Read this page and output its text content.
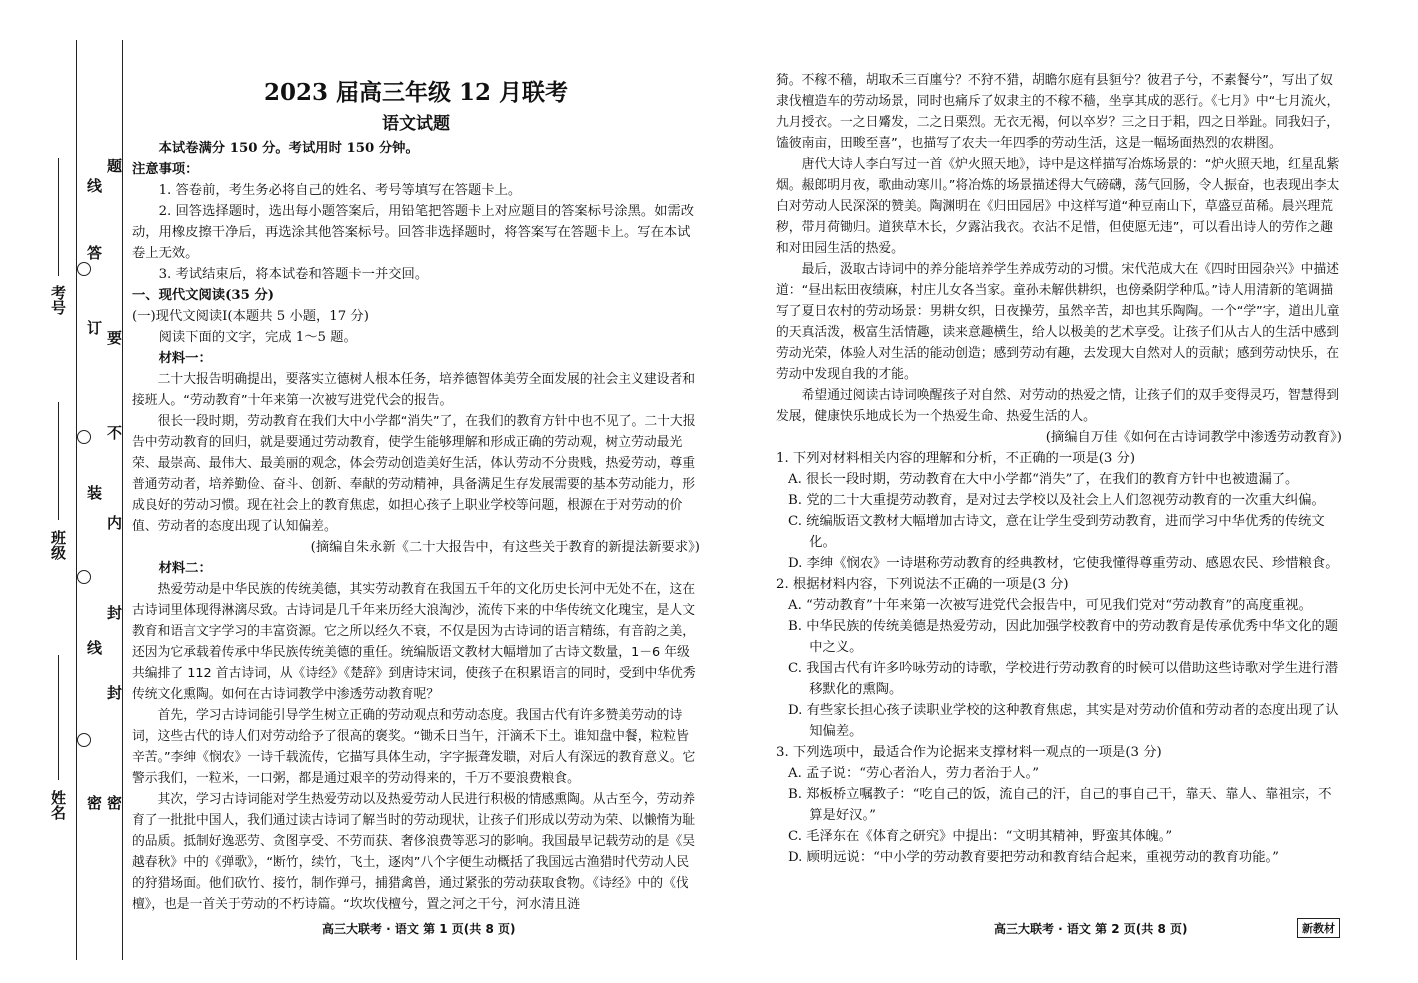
考号
班级
姓名
线
答
订
要
不
装
内
封
线
封
密 密
题

2023 届高三年级 12 月联考

语文试题

本试卷满分 150 分。考试用时 150 分钟。

注意事项：

1. 答卷前，考生务必将自己的姓名、考号等填写在答题卡上。

2. 回答选择题时，选出每小题答案后，用铅笔把答题卡上对应题目的答案标号涂黑。如需改动，用橡皮擦干净后，再选涂其他答案标号。回答非选择题时，将答案写在答题卡上。写在本试卷上无效。

3. 考试结束后，将本试卷和答题卡一并交回。

一、现代文阅读(35 分)

(一)现代文阅读Ⅰ(本题共 5 小题，17 分)

阅读下面的文字，完成 1～5 题。

材料一：

二十大报告明确提出，要落实立德树人根本任务，培养德智体美劳全面发展的社会主义建设者和接班人。“劳动教育”十年来第一次被写进党代会的报告。

很长一段时期，劳动教育在我们大中小学都“消失”了，在我们的教育方针中也不见了。二十大报告中劳动教育的回归，就是要通过劳动教育，使学生能够理解和形成正确的劳动观，树立劳动最光荣、最崇高、最伟大、最美丽的观念，体会劳动创造美好生活，体认劳动不分贵贱，热爱劳动，尊重普通劳动者，培养勤俭、奋斗、创新、奉献的劳动精神，具备满足生存发展需要的基本劳动能力，形成良好的劳动习惯。现在社会上的教育焦虑，如担心孩子上职业学校等问题，根源在于对劳动的价值、劳动者的态度出现了认知偏差。

(摘编自朱永新《二十大报告中，有这些关于教育的新提法新要求》)

材料二：

热爱劳动是中华民族的传统美德，其实劳动教育在我国五千年的文化历史长河中无处不在，这在古诗词里体现得淋漓尽致。古诗词是几千年来历经大浪淘沙，流传下来的中华传统文化瑰宝，是人文教育和语言文字学习的丰富资源。它之所以经久不衰，不仅是因为古诗词的语言精练，有音韵之美，还因为它承载着传承中华民族传统美德的重任。统编版语文教材大幅增加了古诗文数量，1－6 年级共编排了 112 首古诗词，从《诗经》《楚辞》到唐诗宋词，使孩子在积累语言的同时，受到中华优秀传统文化熏陶。如何在古诗词教学中渗透劳动教育呢？

首先，学习古诗词能引导学生树立正确的劳动观点和劳动态度。我国古代有许多赞美劳动的诗词，这些古代的诗人们对劳动给予了很高的褒奖。“锄禾日当午，汗滴禾下土。谁知盘中餐，粒粒皆辛苦。”李绅《悯农》一诗千载流传，它描写具体生动，字字振聋发聩，对后人有深远的教育意义。它警示我们，一粒米，一口粥，都是通过艰辛的劳动得来的，千万不要浪费粮食。

其次，学习古诗词能对学生热爱劳动以及热爱劳动人民进行积极的情感熏陶。从古至今，劳动养育了一批批中国人，我们通过读古诗词了解当时的劳动现状，让孩子们形成以劳动为荣、以懒惰为耻的品质。抵制好逸恶劳、贪图享受、不劳而获、奢侈浪费等恶习的影响。我国最早记载劳动的是《吴越春秋》中的《弹歌》，“断竹，续竹，飞土，逐肉”八个字便生动概括了我国远古渔猎时代劳动人民的狩猎场面。他们砍竹、接竹，制作弹弓，捕猎禽兽，通过紧张的劳动获取食物。《诗经》中的《伐檀》，也是一首关于劳动的不朽诗篇。“坎坎伐檀兮，置之河之干兮，河水清且涟

高三大联考 · 语文 第 1 页(共 8 页)

猗。不稼不穑，胡取禾三百廛兮？不狩不猎，胡瞻尔庭有县貆兮？彼君子兮，不素餐兮”，写出了奴隶伐檀造车的劳动场景，同时也痛斥了奴隶主的不稼不穑，坐享其成的恶行。《七月》中“七月流火，九月授衣。一之日觱发，二之日栗烈。无衣无褐，何以卒岁？三之日于耜，四之日举趾。同我妇子，馌彼南亩，田畯至喜”，也描写了农夫一年四季的劳动生活，这是一幅场面热烈的农耕图。

唐代大诗人李白写过一首《炉火照天地》，诗中是这样描写冶炼场景的：“炉火照天地，红星乱紫烟。赧郎明月夜，歌曲动寒川。”将冶炼的场景描述得大气磅礴，荡气回肠，令人振奋，也表现出李太白对劳动人民深深的赞美。陶渊明在《归田园居》中这样写道“种豆南山下，草盛豆苗稀。晨兴理荒秽，带月荷锄归。道狭草木长，夕露沾我衣。衣沾不足惜，但使愿无违”，可以看出诗人的劳作之趣和对田园生活的热爱。

最后，汲取古诗词中的养分能培养学生养成劳动的习惯。宋代范成大在《四时田园杂兴》中描述道：“昼出耘田夜绩麻，村庄儿女各当家。童孙未解供耕织，也傍桑阴学种瓜。”诗人用清新的笔调描写了夏日农村的劳动场景：男耕女织，日夜操劳，虽然辛苦，却也其乐陶陶。一个“学”字，道出儿童的天真活泼，极富生活情趣，读来意趣横生，给人以极美的艺术享受。让孩子们从古人的生活中感到劳动光荣，体验人对生活的能动创造；感到劳动有趣，去发现大自然对人的贡献；感到劳动快乐，在劳动中发现自我的才能。

希望通过阅读古诗词唤醒孩子对自然、对劳动的热爱之情，让孩子们的双手变得灵巧，智慧得到发展，健康快乐地成长为一个热爱生命、热爱生活的人。

(摘编自万佳《如何在古诗词教学中渗透劳动教育》)

1. 下列对材料相关内容的理解和分析，不正确的一项是(3 分)

A. 很长一段时期，劳动教育在大中小学都“消失”了，在我们的教育方针中也被遗漏了。

B. 党的二十大重提劳动教育，是对过去学校以及社会上人们忽视劳动教育的一次重大纠偏。

C. 统编版语文教材大幅增加古诗文，意在让学生受到劳动教育，进而学习中华优秀的传统文化。

D. 李绅《悯农》一诗堪称劳动教育的经典教材，它使我懂得尊重劳动、感恩农民、珍惜粮食。

2. 根据材料内容，下列说法不正确的一项是(3 分)

A. “劳动教育”十年来第一次被写进党代会报告中，可见我们党对“劳动教育”的高度重视。

B. 中华民族的传统美德是热爱劳动，因此加强学校教育中的劳动教育是传承优秀中华文化的题中之义。

C. 我国古代有许多吟咏劳动的诗歌，学校进行劳动教育的时候可以借助这些诗歌对学生进行潜移默化的熏陶。

D. 有些家长担心孩子读职业学校的这种教育焦虑，其实是对劳动价值和劳动者的态度出现了认知偏差。

3. 下列选项中，最适合作为论据来支撑材料一观点的一项是(3 分)

A. 孟子说：“劳心者治人，劳力者治于人。”

B. 郑板桥立嘱教子：“吃自己的饭，流自己的汗，自己的事自己干，靠天、靠人、靠祖宗，不算是好汉。”

C. 毛泽东在《体育之研究》中提出：“文明其精神，野蛮其体魄。”

D. 顾明远说：“中小学的劳动教育要把劳动和教育结合起来，重视劳动的教育功能。”

高三大联考 · 语文 第 2 页(共 8 页)	新教材
